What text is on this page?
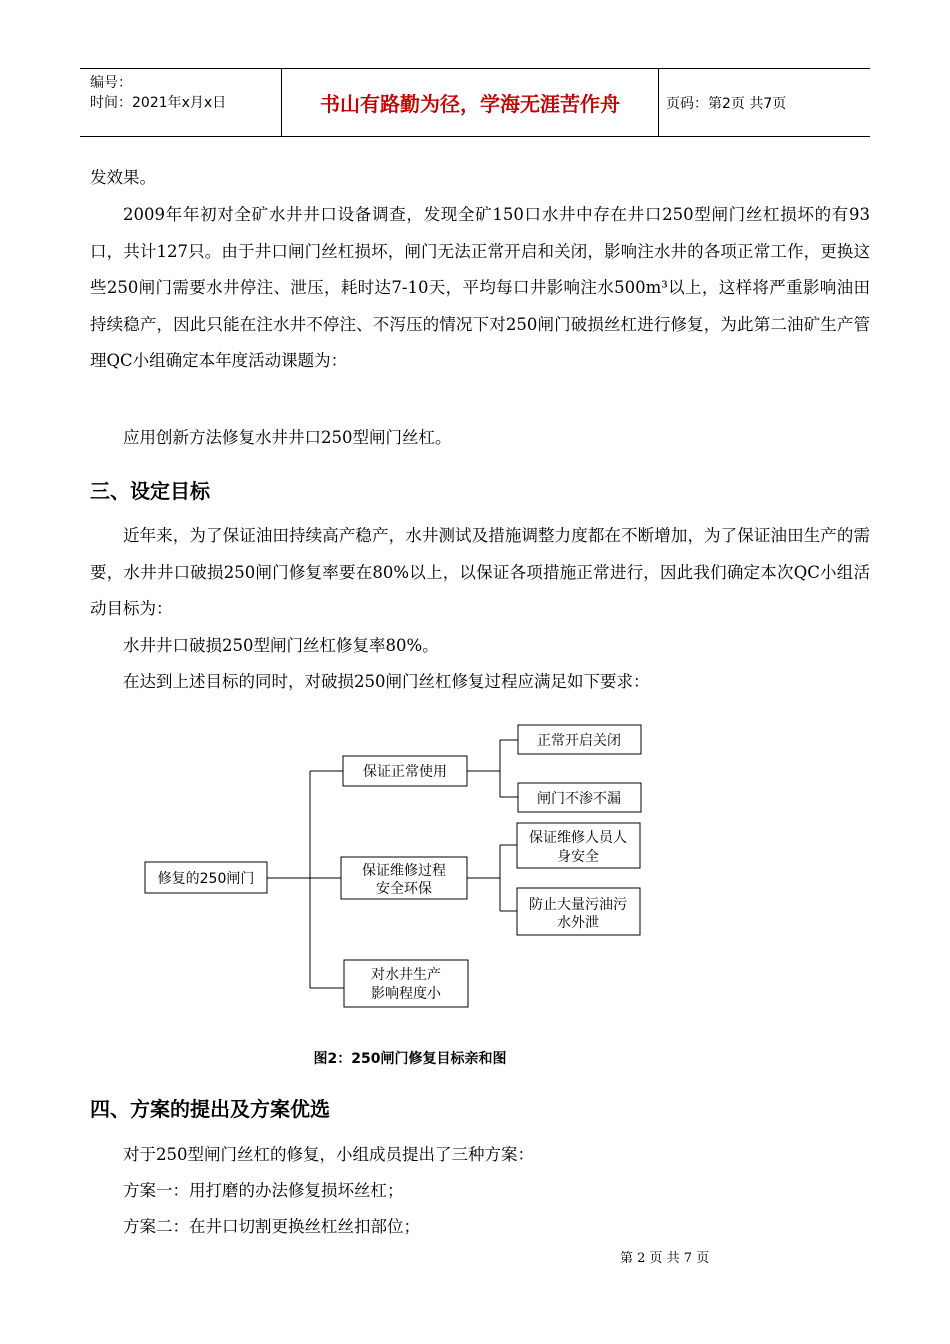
编号：
时间：2021年x月x日	书山有路勤为径，学海无涯苦作舟	页码：第2页 共7页

发效果。

2009年年初对全矿水井井口设备调查，发现全矿150口水井中存在井口250型闸门丝杠损坏的有93口，共计127只。由于井口闸门丝杠损坏，闸门无法正常开启和关闭，影响注水井的各项正常工作，更换这些250闸门需要水井停注、泄压，耗时达7-10天，平均每口井影响注水500m³以上，这样将严重影响油田持续稳产，因此只能在注水井不停注、不泻压的情况下对250闸门破损丝杠进行修复，为此第二油矿生产管理QC小组确定本年度活动课题为：

应用创新方法修复水井井口250型闸门丝杠。

三、设定目标

近年来，为了保证油田持续高产稳产，水井测试及措施调整力度都在不断增加，为了保证油田生产的需要，水井井口破损250闸门修复率要在80%以上，以保证各项措施正常进行，因此我们确定本次QC小组活动目标为：

水井井口破损250型闸门丝杠修复率80%。

在达到上述目标的同时，对破损250闸门丝杠修复过程应满足如下要求：

修复的250闸门
保证正常使用
正常开启关闭
闸门不渗不漏
保证维修过程
安全环保
保证维修人员人
身安全
防止大量污油污
水外泄
对水井生产
影响程度小
图2：250闸门修复目标亲和图
四、方案的提出及方案优选

对于250型闸门丝杠的修复，小组成员提出了三种方案：

方案一：用打磨的办法修复损坏丝杠；

方案二：在井口切割更换丝杠丝扣部位；

第 2 页 共 7 页
